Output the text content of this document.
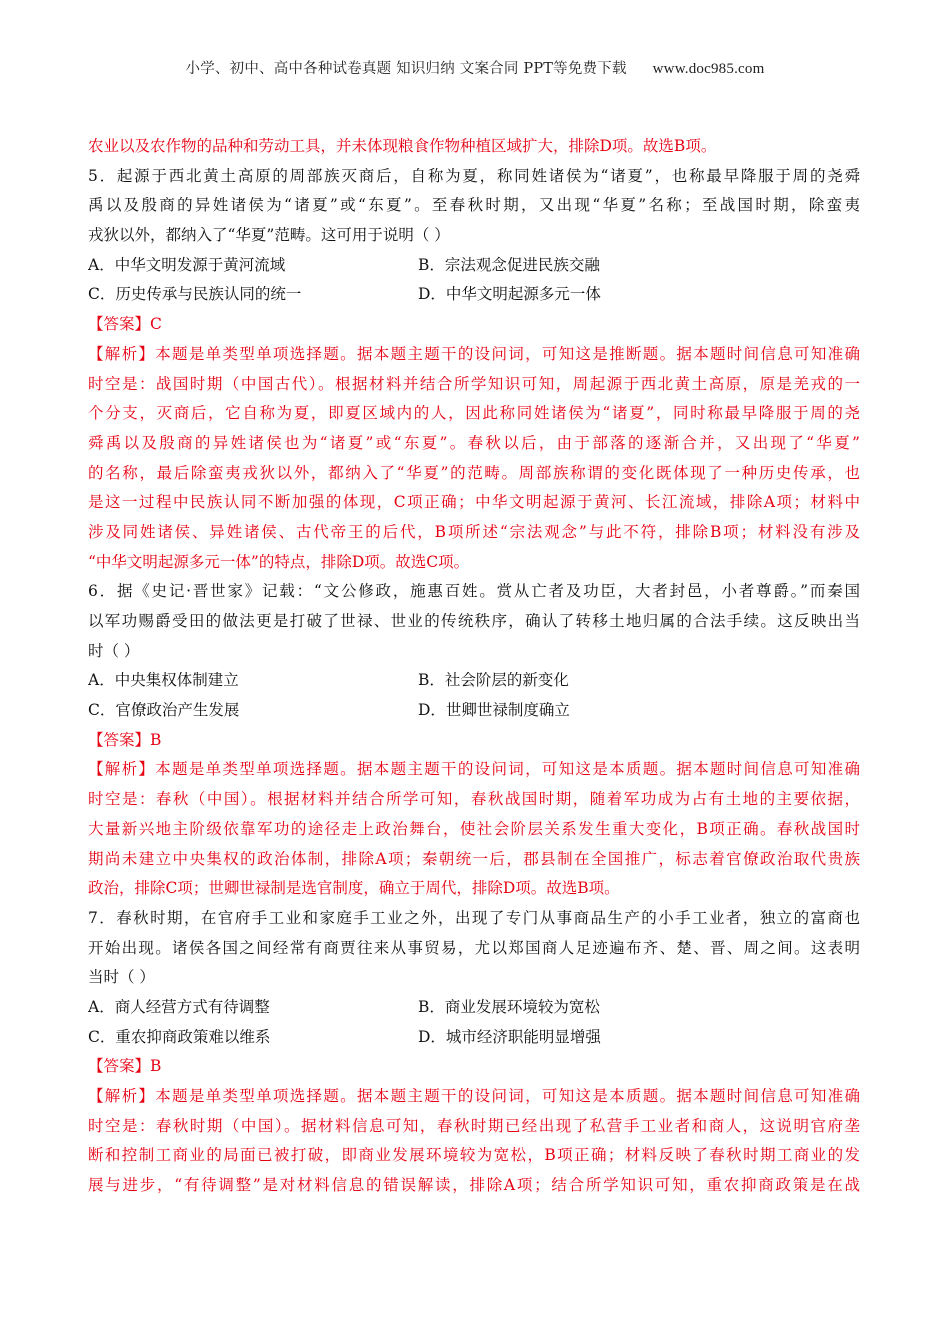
小学、初中、高中各种试卷真题 知识归纳 文案合同 PPT等免费下载 www.doc985.com
农业以及农作物的品种和劳动工具，并未体现粮食作物种植区域扩大，排除D项。故选B项。
5．起源于西北黄土高原的周部族灭商后，自称为夏，称同姓诸侯为“诸夏”，也称最早降服于周的尧舜
禹以及殷商的异姓诸侯为“诸夏”或“东夏”。至春秋时期，又出现“华夏”名称；至战国时期，除蛮夷
戎狄以外，都纳入了“华夏”范畴。这可用于说明（ ）
A．中华文明发源于黄河流域	B．宗法观念促进民族交融
C．历史传承与民族认同的统一	D．中华文明起源多元一体
【答案】C
【解析】本题是单类型单项选择题。据本题主题干的设问词，可知这是推断题。据本题时间信息可知准确
时空是：战国时期（中国古代）。根据材料并结合所学知识可知，周起源于西北黄土高原，原是羌戎的一
个分支，灭商后，它自称为夏，即夏区域内的人，因此称同姓诸侯为“诸夏”，同时称最早降服于周的尧
舜禹以及殷商的异姓诸侯也为“诸夏”或“东夏”。春秋以后，由于部落的逐渐合并，又出现了“华夏”
的名称，最后除蛮夷戎狄以外，都纳入了“华夏”的范畴。周部族称谓的变化既体现了一种历史传承，也
是这一过程中民族认同不断加强的体现，C项正确；中华文明起源于黄河、长江流域，排除A项；材料中
涉及同姓诸侯、异姓诸侯、古代帝王的后代，B项所述“宗法观念”与此不符，排除B项；材料没有涉及
“中华文明起源多元一体”的特点，排除D项。故选C项。
6．据《史记·晋世家》记载：“文公修政，施惠百姓。赏从亡者及功臣，大者封邑，小者尊爵。”而秦国
以军功赐爵受田的做法更是打破了世禄、世业的传统秩序，确认了转移土地归属的合法手续。这反映出当
时（ ）
A．中央集权体制建立	B．社会阶层的新变化
C．官僚政治产生发展	D．世卿世禄制度确立
【答案】B
【解析】本题是单类型单项选择题。据本题主题干的设问词，可知这是本质题。据本题时间信息可知准确
时空是：春秋（中国）。根据材料并结合所学可知，春秋战国时期，随着军功成为占有土地的主要依据，
大量新兴地主阶级依靠军功的途径走上政治舞台，使社会阶层关系发生重大变化，B项正确。春秋战国时
期尚未建立中央集权的政治体制，排除A项；秦朝统一后，郡县制在全国推广，标志着官僚政治取代贵族
政治，排除C项；世卿世禄制是选官制度，确立于周代，排除D项。故选B项。
7．春秋时期，在官府手工业和家庭手工业之外，出现了专门从事商品生产的小手工业者，独立的富商也
开始出现。诸侯各国之间经常有商贾往来从事贸易，尤以郑国商人足迹遍布齐、楚、晋、周之间。这表明
当时（ ）
A．商人经营方式有待调整	B．商业发展环境较为宽松
C．重农抑商政策难以维系	D．城市经济职能明显增强
【答案】B
【解析】本题是单类型单项选择题。据本题主题干的设问词，可知这是本质题。据本题时间信息可知准确
时空是：春秋时期（中国）。据材料信息可知，春秋时期已经出现了私营手工业者和商人，这说明官府垄
断和控制工商业的局面已被打破，即商业发展环境较为宽松，B项正确；材料反映了春秋时期工商业的发
展与进步，“有待调整”是对材料信息的错误解读，排除A项；结合所学知识可知，重农抑商政策是在战
